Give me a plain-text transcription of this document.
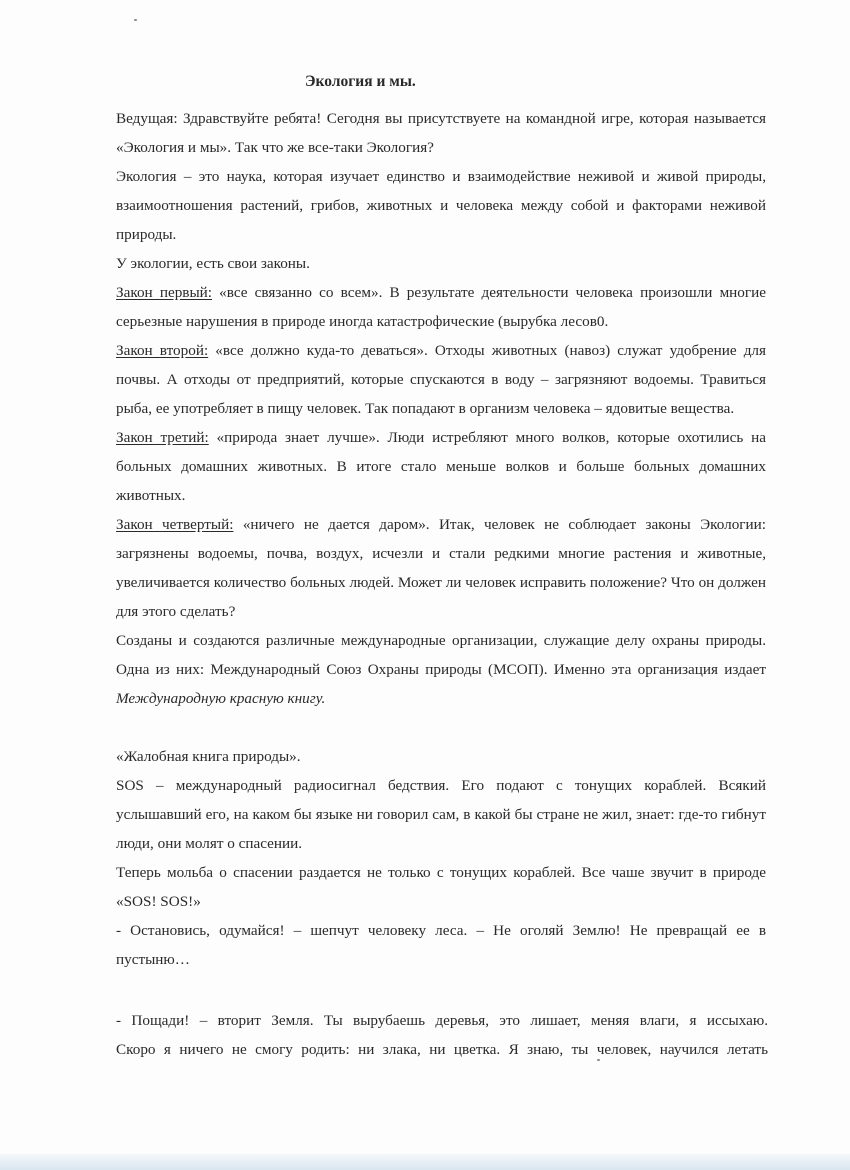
Экология и мы.

Ведущая: Здравствуйте ребята! Сегодня вы присутствуете на командной игре, которая называется «Экология и мы». Так что же все-таки Экология?

Экология – это наука, которая изучает единство и взаимодействие неживой и живой природы, взаимоотношения растений, грибов, животных и человека между собой и факторами неживой природы.

У экологии, есть свои законы.

Закон первый: «все связанно со всем». В результате деятельности человека произошли многие серьезные нарушения в природе иногда катастрофические (вырубка лесов0.

Закон второй: «все должно куда-то деваться». Отходы животных (навоз) служат удобрение для почвы. А отходы от предприятий, которые спускаются в воду – загрязняют водоемы. Травиться рыба, ее употребляет в пищу человек. Так попадают в организм человека – ядовитые вещества.

Закон третий: «природа знает лучше». Люди истребляют много волков, которые охотились на больных домашних животных. В итоге стало меньше волков и больше больных домашних животных.

Закон четвертый: «ничего не дается даром». Итак, человек не соблюдает законы Экологии: загрязнены водоемы, почва, воздух, исчезли и стали редкими многие растения и животные, увеличивается количество больных людей. Может ли человек исправить положение? Что он должен для этого сделать?

Созданы и создаются различные международные организации, служащие делу охраны природы. Одна из них: Международный Союз Охраны природы (МСОП). Именно эта организация издает Международную красную книгу.

«Жалобная книга природы».

SOS – международный радиосигнал бедствия. Его подают с тонущих кораблей. Всякий услышавший его, на каком бы языке ни говорил сам, в какой бы стране не жил, знает: где-то гибнут люди, они молят о спасении.

Теперь мольба о спасении раздается не только с тонущих кораблей. Все чаше звучит в природе «SOS! SOS!»

- Остановись, одумайся! – шепчут человеку леса. – Не оголяй Землю! Не превращай ее в пустыню…

- Пощади! – вторит Земля. Ты вырубаешь деревья, это лишает, меняя влаги, я иссыхаю.
Скоро я ничего не смогу родить: ни злака, ни цветка. Я знаю, ты человек, научился летать
